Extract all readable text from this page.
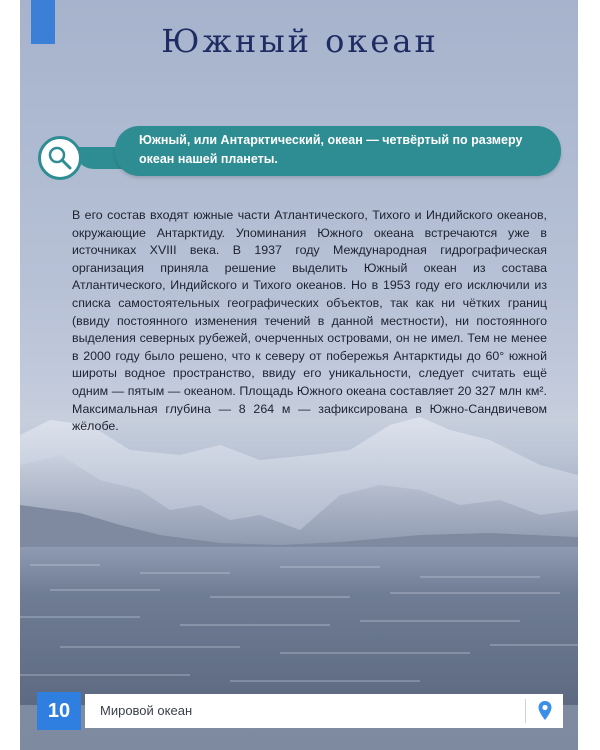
Южный океан
Южный, или Антарктический, океан — четвёртый по размеру океан нашей планеты.

В его состав входят южные части Атлантического, Тихого и Индийского океанов, окружающие Антарктиду. Упоминания Южного океана встречаются уже в источниках XVIII века. В 1937 году Международная гидрографическая организация приняла решение выделить Южный океан из состава Атлантического, Индийского и Тихого океанов. Но в 1953 году его исключили из списка самостоятельных географических объектов, так как ни чётких границ (ввиду постоянного изменения течений в данной местности), ни постоянного выделения северных рубежей, очерченных островами, он не имел. Тем не менее в 2000 году было решено, что к северу от побережья Антарктиды до 60° южной широты водное пространство, ввиду его уникальности, следует считать ещё одним — пятым — океаном. Площадь Южного океана составляет 20 327 млн км². Максимальная глубина — 8 264 м — зафиксирована в Южно-Сандвичевом жёлобе.

10	Мировой океан
